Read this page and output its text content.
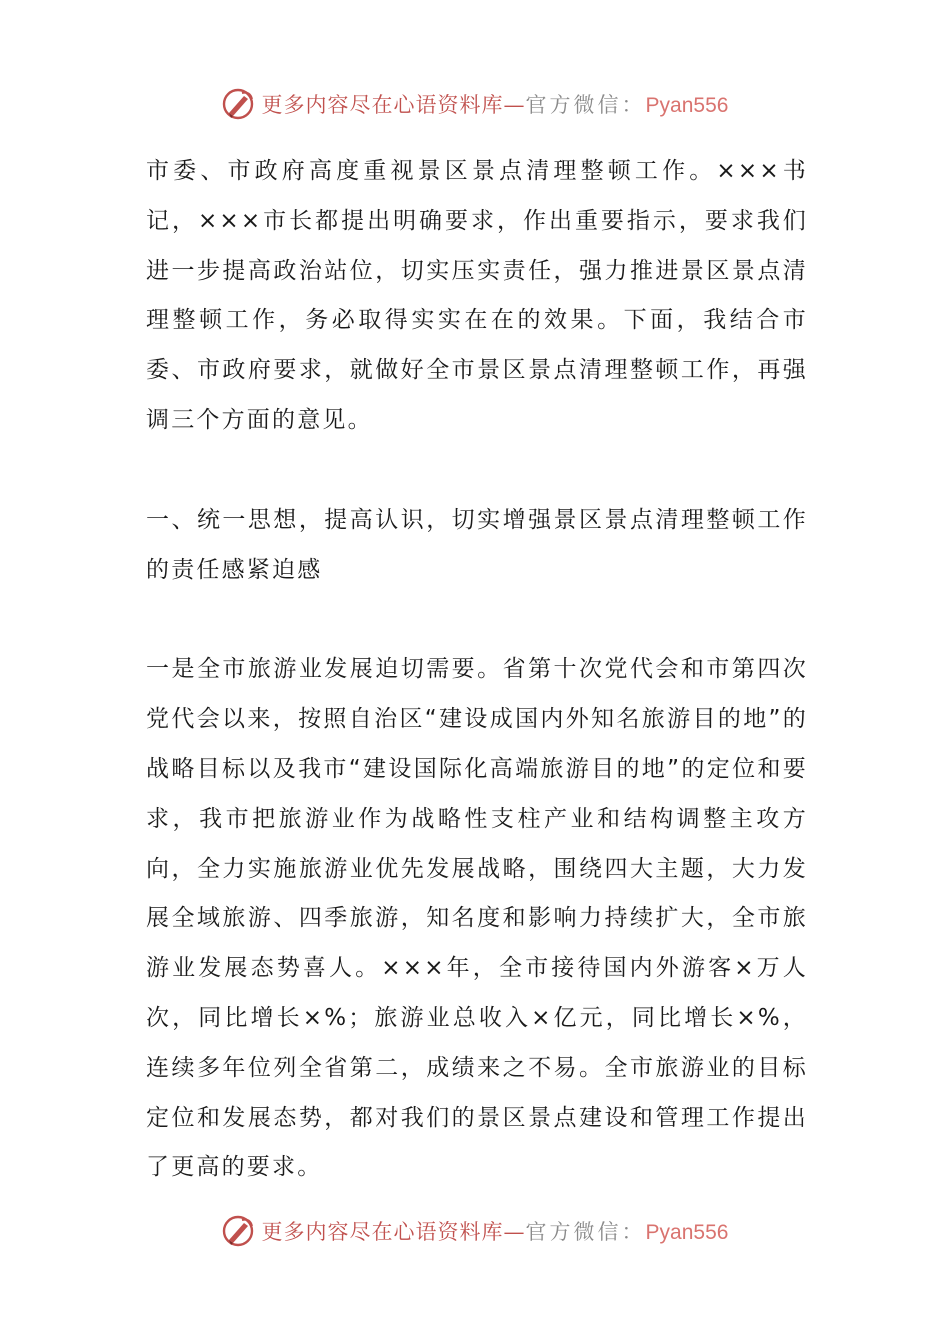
更多内容尽在心语资料库—官方微信：Pyan556

市委、市政府高度重视景区景点清理整顿工作。×××书记，×××市长都提出明确要求，作出重要指示，要求我们进一步提高政治站位，切实压实责任，强力推进景区景点清理整顿工作，务必取得实实在在的效果。下面，我结合市委、市政府要求，就做好全市景区景点清理整顿工作，再强调三个方面的意见。

一、统一思想，提高认识，切实增强景区景点清理整顿工作的责任感紧迫感

一是全市旅游业发展迫切需要。省第十次党代会和市第四次党代会以来，按照自治区“建设成国内外知名旅游目的地”的战略目标以及我市“建设国际化高端旅游目的地”的定位和要求，我市把旅游业作为战略性支柱产业和结构调整主攻方向，全力实施旅游业优先发展战略，围绕四大主题，大力发展全域旅游、四季旅游，知名度和影响力持续扩大，全市旅游业发展态势喜人。×××年，全市接待国内外游客×万人次，同比增长×%；旅游业总收入×亿元，同比增长×%，连续多年位列全省第二，成绩来之不易。全市旅游业的目标定位和发展态势，都对我们的景区景点建设和管理工作提出了更高的要求。

更多内容尽在心语资料库—官方微信：Pyan556
